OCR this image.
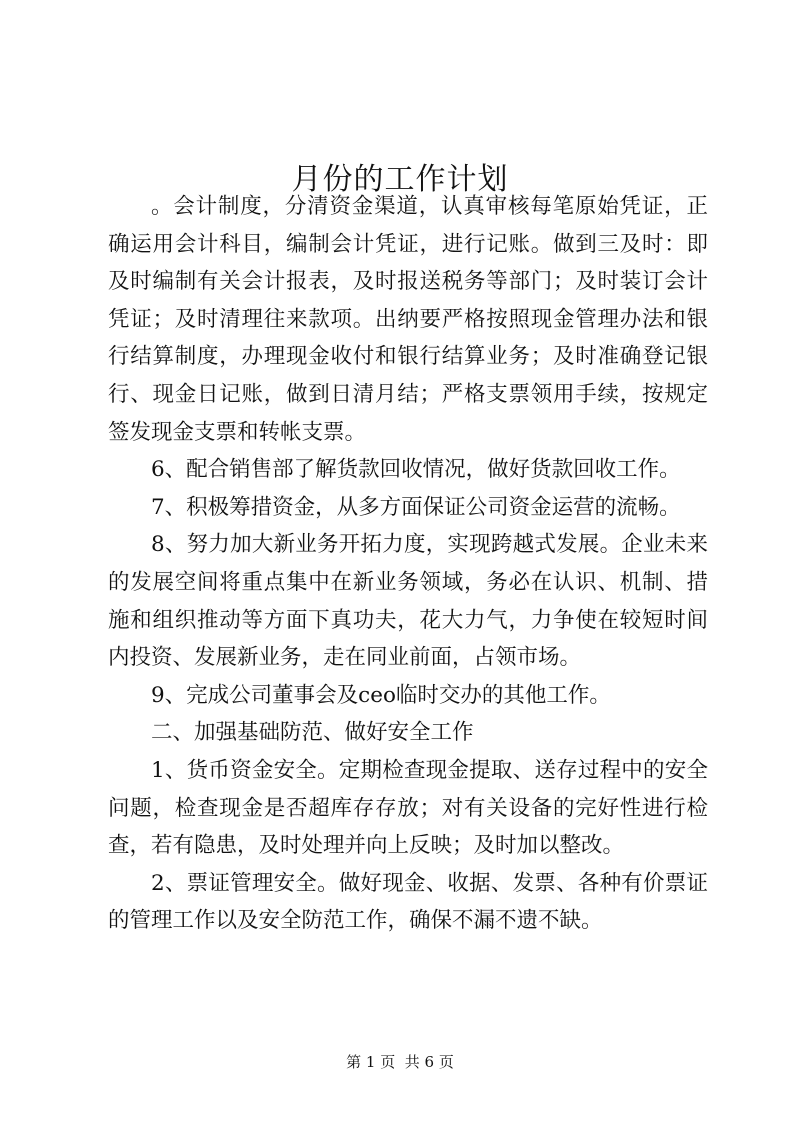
月份的工作计划

。会计制度，分清资金渠道，认真审核每笔原始凭证，正确运用会计科目，编制会计凭证，进行记账。做到三及时：即及时编制有关会计报表，及时报送税务等部门；及时装订会计凭证；及时清理往来款项。出纳要严格按照现金管理办法和银行结算制度，办理现金收付和银行结算业务；及时准确登记银行、现金日记账，做到日清月结；严格支票领用手续，按规定签发现金支票和转帐支票。

6、配合销售部了解货款回收情况，做好货款回收工作。

7、积极筹措资金，从多方面保证公司资金运营的流畅。

8、努力加大新业务开拓力度，实现跨越式发展。企业未来的发展空间将重点集中在新业务领域，务必在认识、机制、措施和组织推动等方面下真功夫，花大力气，力争使在较短时间内投资、发展新业务，走在同业前面，占领市场。

9、完成公司董事会及ceo临时交办的其他工作。

二、加强基础防范、做好安全工作

1、货币资金安全。定期检查现金提取、送存过程中的安全问题，检查现金是否超库存存放；对有关设备的完好性进行检查，若有隐患，及时处理并向上反映；及时加以整改。

2、票证管理安全。做好现金、收据、发票、各种有价票证的管理工作以及安全防范工作，确保不漏不遗不缺。

第 1 页 共 6 页
